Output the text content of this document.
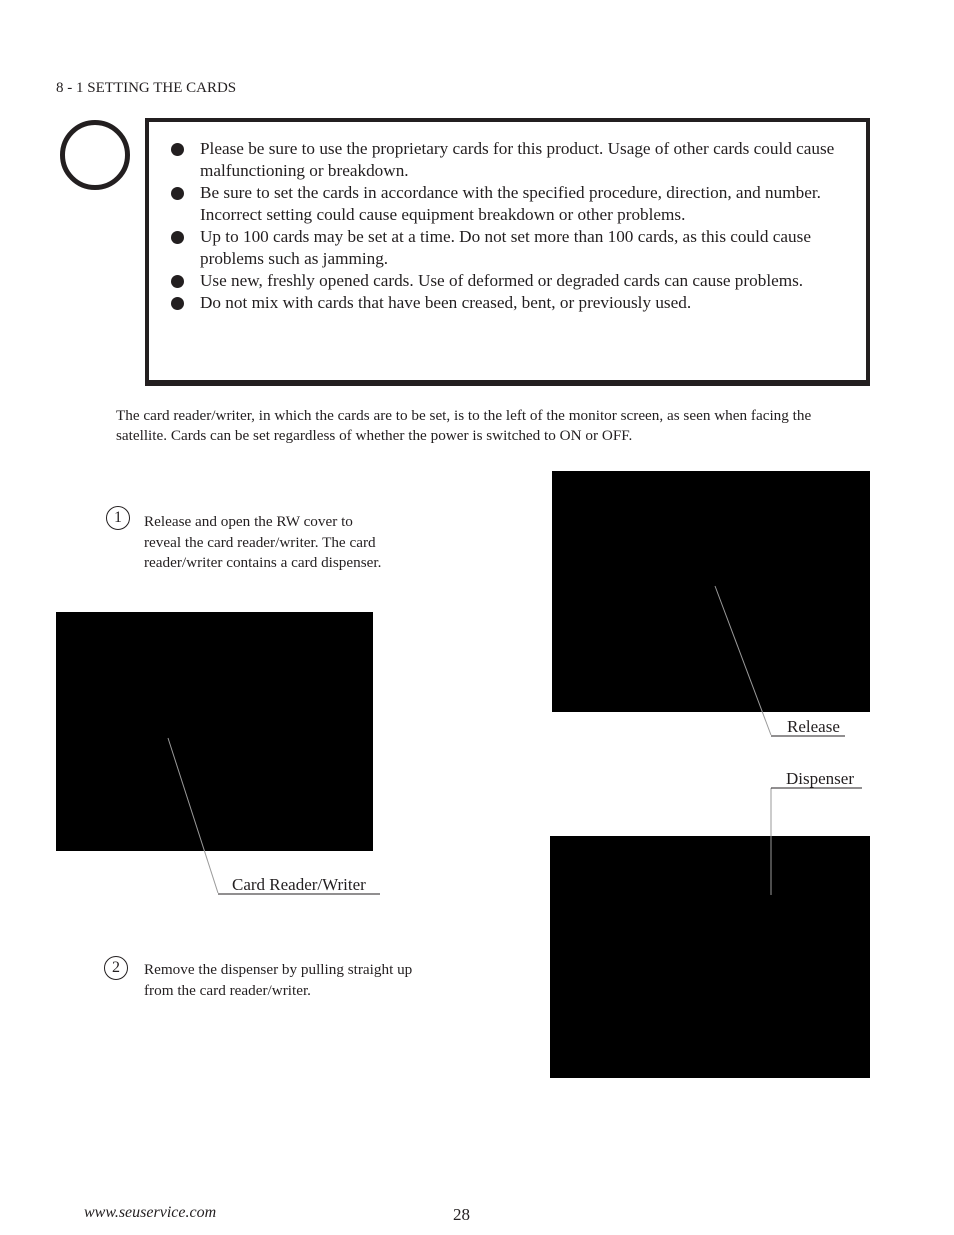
8 - 1 SETTING THE CARDS
Please be sure to use the proprietary cards for this product. Usage of other cards could cause malfunctioning or breakdown.
Be sure to set the cards in accordance with the specified procedure, direction, and number. Incorrect setting could cause equipment breakdown or other problems.
Up to 100 cards may be set at a time. Do not set more than 100 cards, as this could cause problems such as jamming.
Use new, freshly opened cards. Use of deformed or degraded cards can cause problems.
Do not mix with cards that have been creased, bent, or previously used.
The card reader/writer, in which the cards are to be set, is to the left of the monitor screen, as seen when facing the satellite. Cards can be set regardless of whether the power is switched to ON or OFF.
1	Release and open the RW cover to reveal the card reader/writer. The card reader/writer contains a card dispenser.
2	Remove the dispenser by pulling straight up from the card reader/writer.
Card Reader/Writer
Release
Dispenser
www.seuservice.com	28
